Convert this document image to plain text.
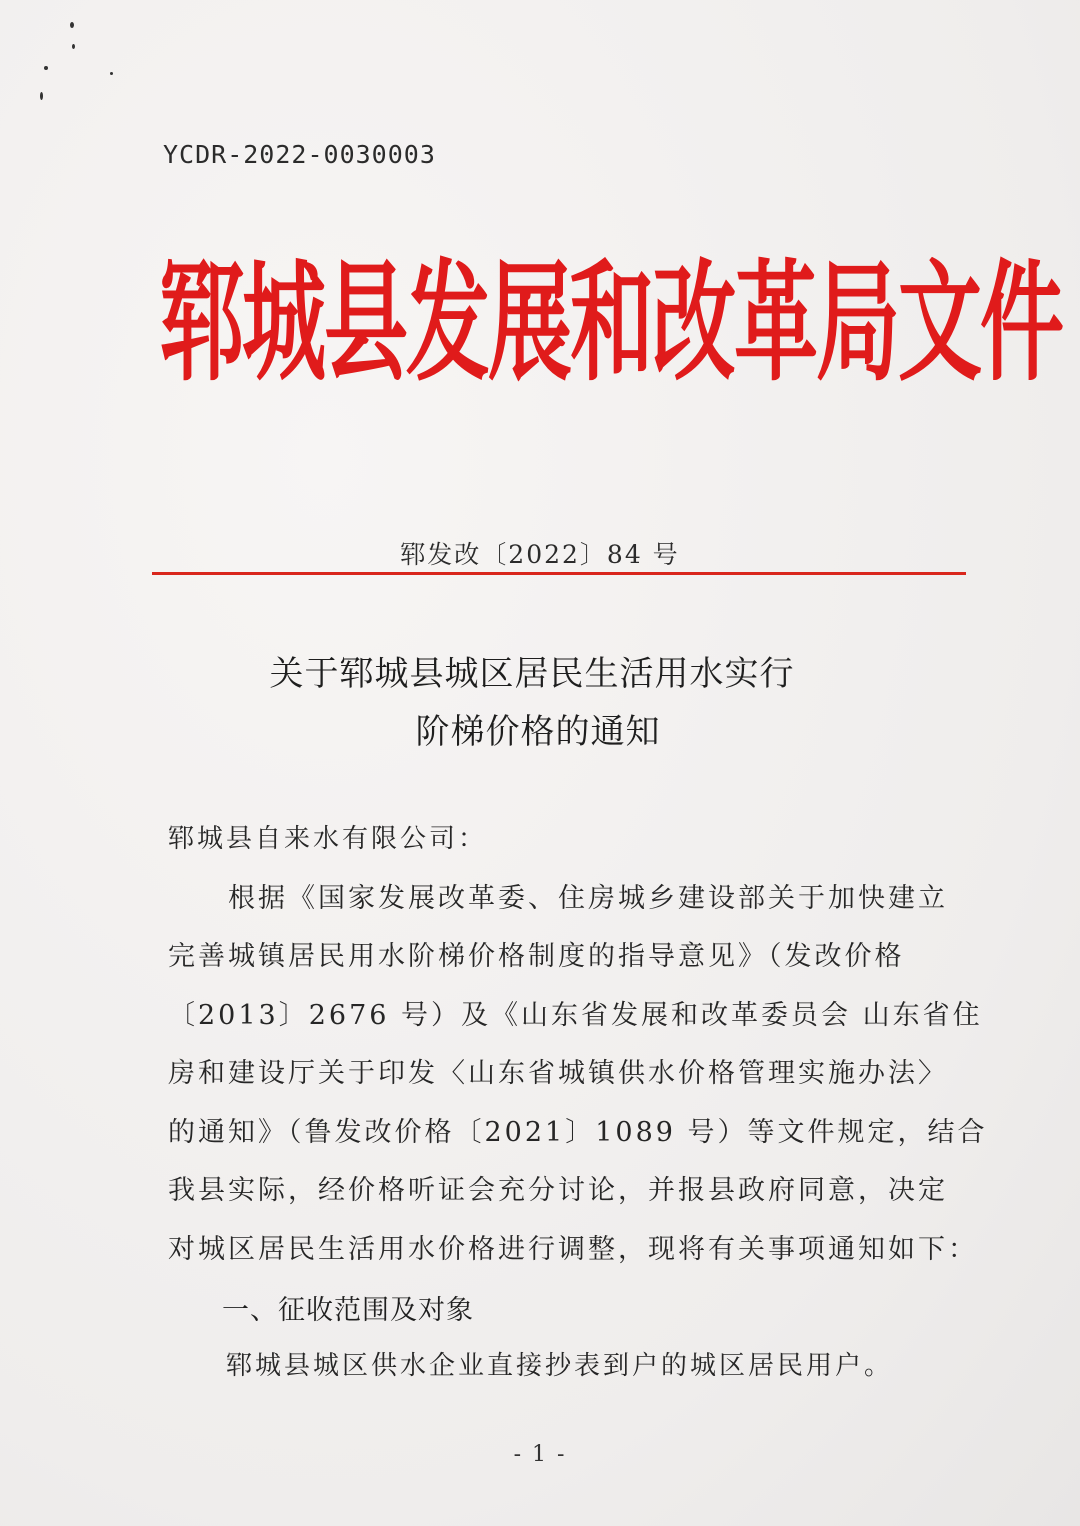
YCDR-2022-0030003
郓城县发展和改革局文件
郓发改〔2022〕84 号
关于郓城县城区居民生活用水实行
阶梯价格的通知
郓城县自来水有限公司：
根据《国家发展改革委、住房城乡建设部关于加快建立
完善城镇居民用水阶梯价格制度的指导意见》（发改价格
〔2013〕2676 号）及《山东省发展和改革委员会 山东省住
房和建设厅关于印发〈山东省城镇供水价格管理实施办法〉
的通知》（鲁发改价格〔2021〕1089 号）等文件规定，结合
我县实际，经价格听证会充分讨论，并报县政府同意，决定
对城区居民生活用水价格进行调整，现将有关事项通知如下：
一、征收范围及对象
郓城县城区供水企业直接抄表到户的城区居民用户。
- 1 -
